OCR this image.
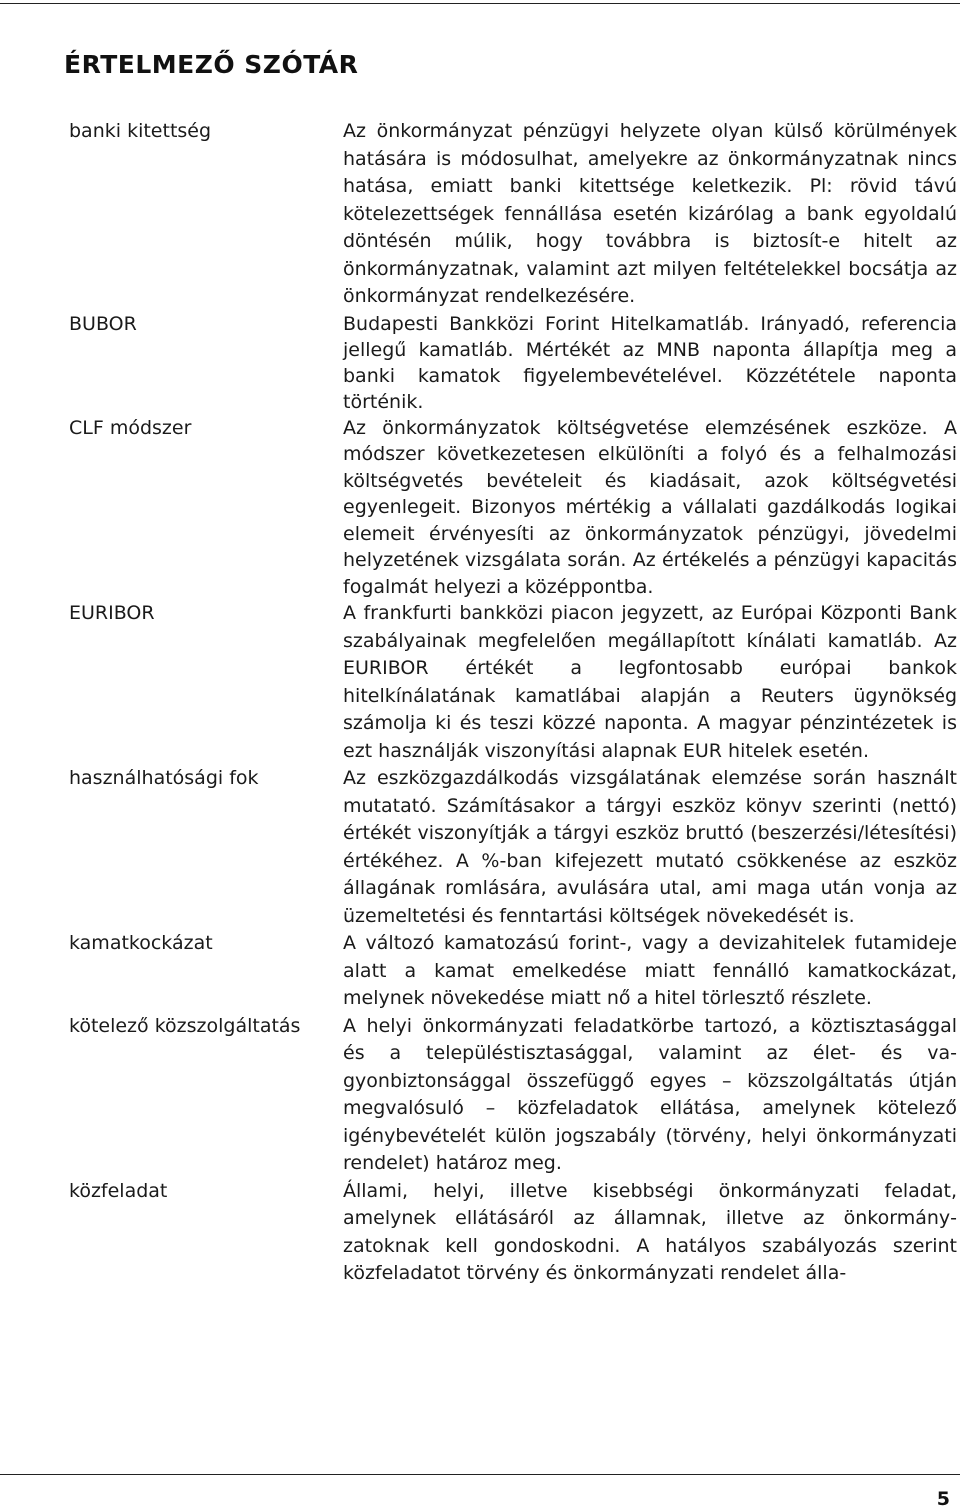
ÉRTELMEZŐ SZÓTÁR
banki kitettség	Az önkormányzat pénzügyi helyzete olyan külső körülmények hatására is módosulhat, amelyekre az önkormányzatnak nincs hatása, emiatt banki kitettsége keletkezik. Pl: rövid távú kötelezettségek fennállása esetén kizárólag a bank egyoldalú döntésén múlik, hogy továbbra is biztosít-e hitelt az önkormányzatnak, valamint azt milyen feltételekkel bocsátja az önkormányzat rendelkezésére.

BUBOR	Budapesti Bankközi Forint Hitelkamatláb. Irányadó, referencia jellegű kamatláb. Mértékét az MNB naponta állapítja meg a banki kamatok figyelembevételével. Közzététele naponta történik.

CLF módszer	Az önkormányzatok költségvetése elemzésének eszköze. A módszer következetesen elkülöníti a folyó és a felhalmozási költségvetés bevételeit és kiadásait, azok költségvetési egyenlegeit. Bizonyos mértékig a vállalati gazdálkodás logikai elemeit érvényesíti az önkormányzatok pénzügyi, jövedelmi helyzetének vizsgálata során. Az értékelés a pénzügyi kapacitás fogalmát helyezi a középpontba.

EURIBOR	A frankfurti bankközi piacon jegyzett, az Európai Központi Bank szabályainak megfelelően megállapított kínálati kamatláb. Az EURIBOR értékét a legfontosabb európai bankok hitelkínálatának kamatlábai alapján a Reuters ügynökség számolja ki és teszi közzé naponta. A magyar pénzintézetek is ezt használják viszonyítási alapnak EUR hitelek esetén.

használhatósági fok	Az eszközgazdálkodás vizsgálatának elemzése során használt mutatató. Számításakor a tárgyi eszköz könyv szerinti (nettó) értékét viszonyítják a tárgyi eszköz bruttó (beszerzési/létesítési) értékéhez. A %-ban kifejezett mutató csökkenése az eszköz állagának romlására, avulására utal, ami maga után vonja az üzemeltetési és fenntartási költségek növekedését is.

kamatkockázat	A változó kamatozású forint-, vagy a devizahitelek futamideje alatt a kamat emelkedése miatt fennálló kamatkockázat, melynek növekedése miatt nő a hitel törlesztő részlete.

kötelező közszolgáltatás	A helyi önkormányzati feladatkörbe tartozó, a köztisztasággal és a településtisztasággal, valamint az élet- és vagyonbiztonsággal összefüggő egyes – közszolgáltatás útján megvalósuló – közfeladatok ellátása, amelynek kötelező igénybevételét külön jogszabály (törvény, helyi önkormányzati rendelet) határoz meg.

közfeladat	Állami, helyi, illetve kisebbségi önkormányzati feladat, amelynek ellátásáról az államnak, illetve az önkormányzatoknak kell gondoskodni. A hatályos szabályozás szerint közfeladatot törvény és önkormányzati rendelet álla-

5
